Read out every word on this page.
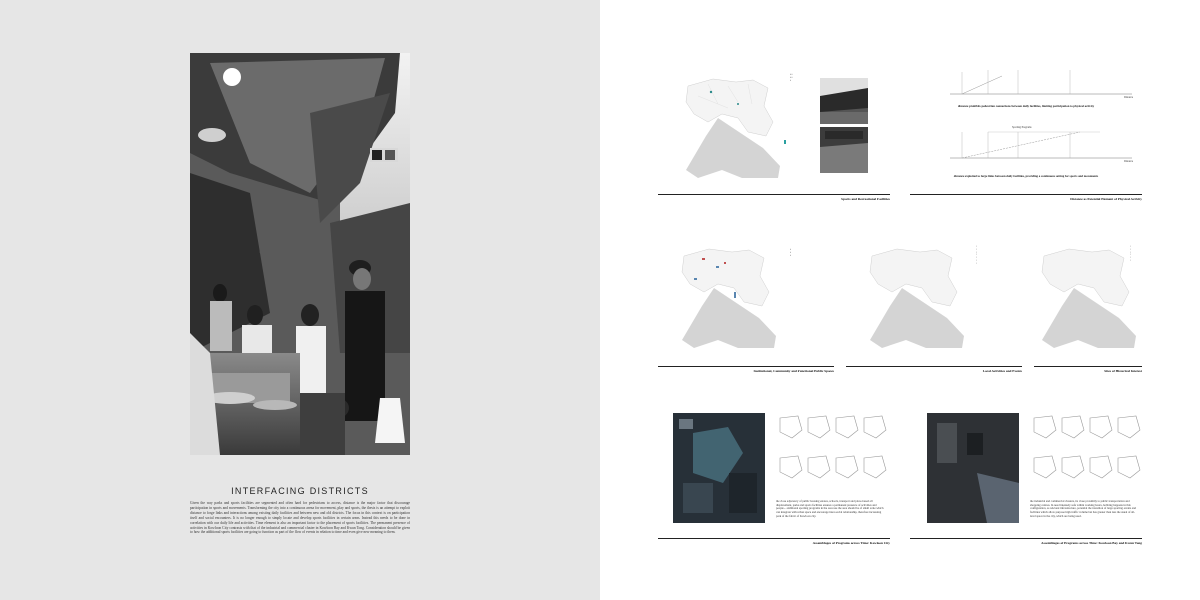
INTERFACING DISTRICTS
Given the way parks and sports facilities are segmented and often hard for pedestrians to access, distance is the major factor that discourage participation in sports and movements. Transforming the city into a continuous arena for movement, play and sports, the thesis is an attempt to exploit distance to forge links and interactions among existing daily facilities and between new and old districts. The focus in this context is on participation itself and social encounters. It is no longer enough to simply locate and develop sports facilities in certain areas. Instead this needs to be done in correlation with our daily life and activities. Time element is also an important factor to the placement of sports facilities. The permanent presence of activities in Kowloon City contrasts with that of the industrial and commercial cluster in Kowloon Bay and Kwun Tong. Consideration should be given to how the additional sports facilities are going to function as part of the flow of events in relation to time and even give new meaning to them.
▪ ▪
▪ ▪
▪
Sports and Recreational Facilities
Sporting Programs
Distance
Distance
distance prohibits pedestrian connections between daily facilities, limiting participation to physical activity
distance exploited to forge links between daily facilities, providing a continuous setting for sports and movements
Distance as Potential Element of Physical Activity
▪
▪
▪
Institutional, Community and Functional Public Spaces
▫
▫
▫
▫
▫
▫
▫
Local Activities and Events
▫
▫
▫
▫
▫
▫
Sites of Historical Interest
the close adjacency of public housing estates, schools, transport and place-based all displacement, parks and sports facilities ensures a permanent presence of activities and people... additional sporting programs in the area use the area should be of small scale which can integrate with urban space and encourage inter-social relationship, therefore increasing park of the fabric of Kowloon city.
Assemblages of Programs across Time: Kowloon City
the industrial and commercial clusters, its close proximity to public transportation and shopping centres. In need intensely safe within working hours, hobbing happens in this configuration, as relevant infrastructure, potential the transition of large sporting events and facilities which allow purpose high traffic volume but has greater than less the usual of all-level space in the city, which are being used.
Assemblages of Programs across Time: Kowloon Bay and Kwun Tong
